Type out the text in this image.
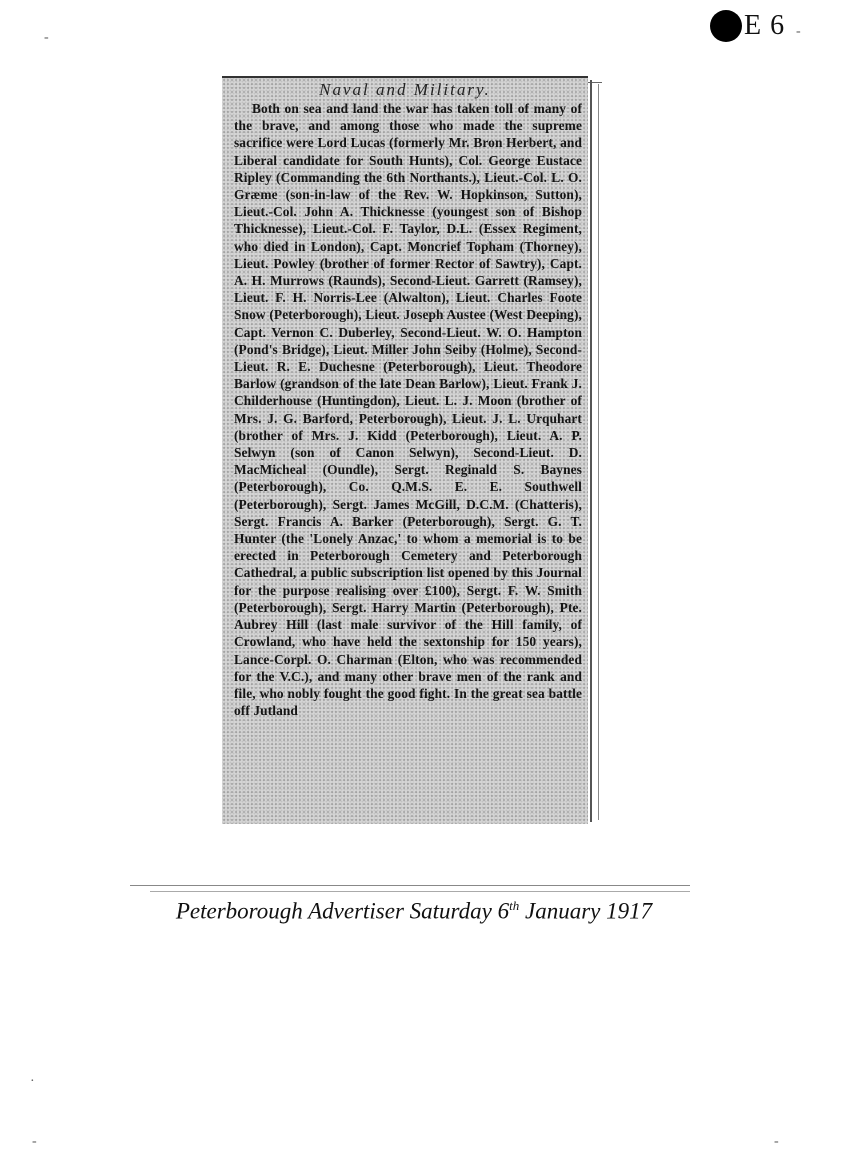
E 6
-	-
·
-	-

Naval and Military.

Both on sea and land the war has taken toll of many of the brave, and among those who made the supreme sacrifice were Lord Lucas (formerly Mr. Bron Herbert, and Liberal candidate for South Hunts), Col. George Eustace Ripley (Commanding the 6th Northants.), Lieut.-Col. L. O. Græme (son-in-law of the Rev. W. Hopkinson, Sutton), Lieut.-Col. John A. Thicknesse (youngest son of Bishop Thicknesse), Lieut.-Col. F. Taylor, D.L. (Essex Regiment, who died in London), Capt. Moncrief Topham (Thorney), Lieut. Powley (brother of former Rector of Sawtry), Capt. A. H. Murrows (Raunds), Second-Lieut. Garrett (Ramsey), Lieut. F. H. Norris-Lee (Alwalton), Lieut. Charles Foote Snow (Peterborough), Lieut. Joseph Austee (West Deeping), Capt. Vernon C. Duberley, Second-Lieut. W. O. Hampton (Pond's Bridge), Lieut. Miller John Seiby (Holme), Second-Lieut. R. E. Duchesne (Peterborough), Lieut. Theodore Barlow (grandson of the late Dean Barlow), Lieut. Frank J. Childerhouse (Huntingdon), Lieut. L. J. Moon (brother of Mrs. J. G. Barford, Peterborough), Lieut. J. L. Urquhart (brother of Mrs. J. Kidd (Peterborough), Lieut. A. P. Selwyn (son of Canon Selwyn), Second-Lieut. D. MacMicheal (Oundle), Sergt. Reginald S. Baynes (Peterborough), Co. Q.M.S. E. E. Southwell (Peterborough), Sergt. James McGill, D.C.M. (Chatteris), Sergt. Francis A. Barker (Peterborough), Sergt. G. T. Hunter (the 'Lonely Anzac,' to whom a memorial is to be erected in Peterborough Cemetery and Peterborough Cathedral, a public subscription list opened by this Journal for the purpose realising over £100), Sergt. F. W. Smith (Peterborough), Sergt. Harry Martin (Peterborough), Pte. Aubrey Hill (last male survivor of the Hill family, of Crowland, who have held the sextonship for 150 years), Lance-Corpl. O. Charman (Elton, who was recommended for the V.C.), and many other brave men of the rank and file, who nobly fought the good fight. In the great sea battle off Jutland

Peterborough Advertiser Saturday 6th January 1917
